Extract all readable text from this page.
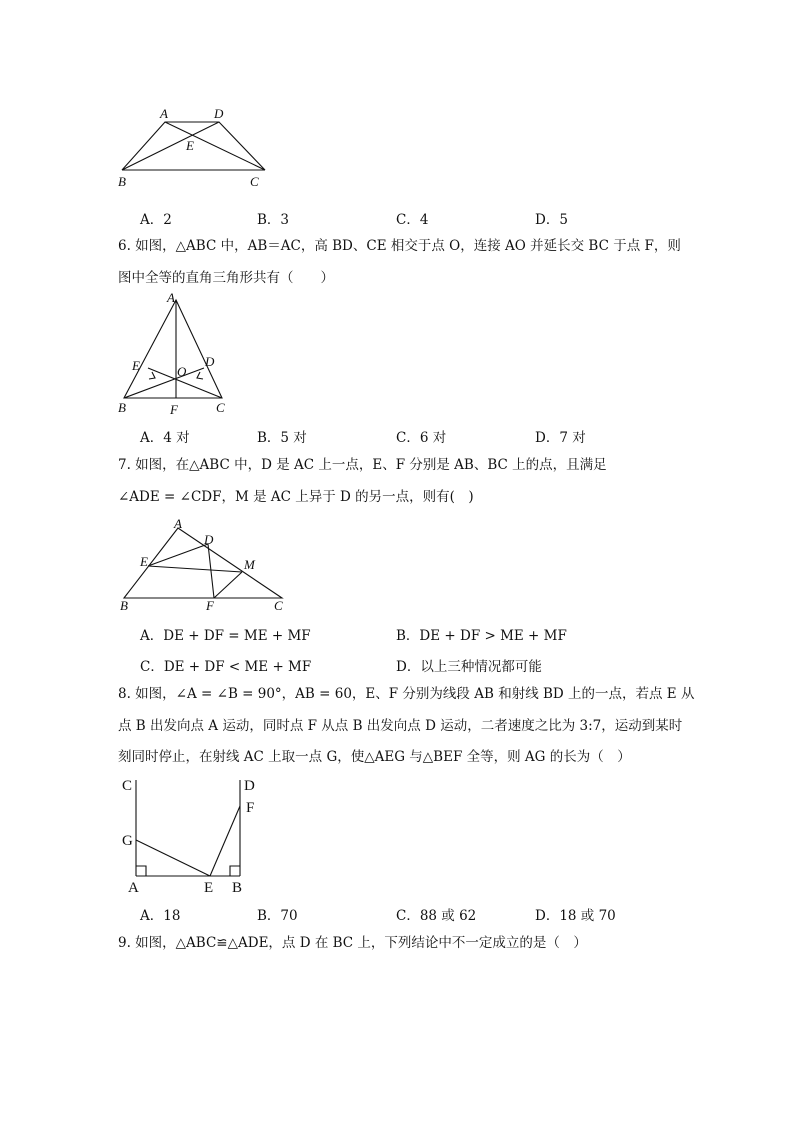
A	D
E
B	C
A．2	B．3	C．4	D．5
6. 如图，△ABC 中，AB＝AC，高 BD、CE 相交于点 O，连接 AO 并延长交 BC 于点 F，则
图中全等的直角三角形共有（　　）
A
E	D
O
B	F	C
A．4 对	B．5 对	C．6 对	D．7 对
7. 如图，在△ABC 中，D 是 AC 上一点，E、F 分别是 AB、BC 上的点，且满足
∠ADE = ∠CDF，M 是 AC 上异于 D 的另一点，则有(　)
A
D
E	M
B	F	C
A．DE + DF = ME + MF	B．DE + DF > ME + MF
C．DE + DF < ME + MF	D．以上三种情况都可能
8. 如图，∠A = ∠B = 90°，AB = 60，E、F 分别为线段 AB 和射线 BD 上的一点，若点 E 从
点 B 出发向点 A 运动，同时点 F 从点 B 出发向点 D 运动，二者速度之比为 3:7，运动到某时
刻同时停止，在射线 AC 上取一点 G，使△AEG 与△BEF 全等，则 AG 的长为（　）
C	D
F
G
A	E B
A．18	B．70	C．88 或 62	D．18 或 70
9. 如图，△ABC≌△ADE，点 D 在 BC 上，下列结论中不一定成立的是（　）
